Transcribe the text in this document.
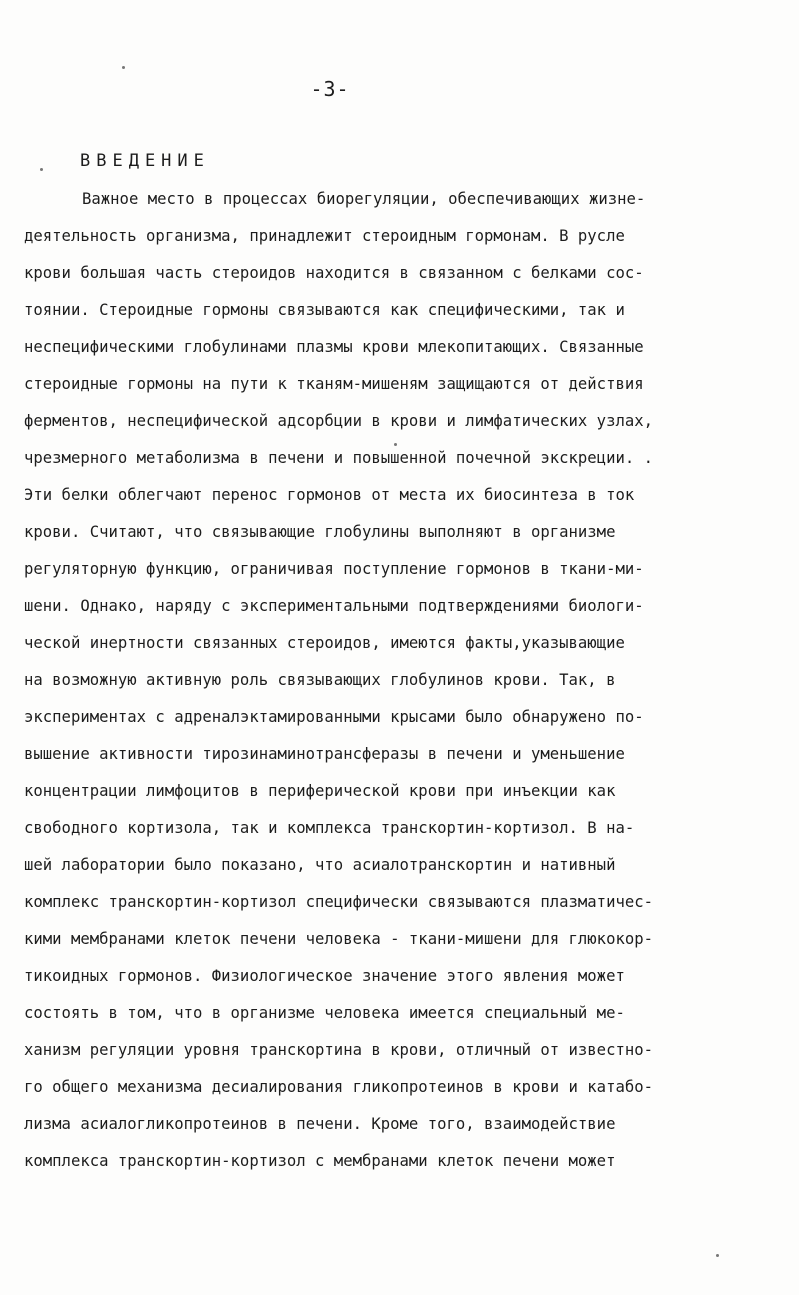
-3-
ВВЕДЕНИЕ
Важное место в процессах биорегуляции, обеспечивающих жизне-
деятельность организма, принадлежит стероидным гормонам. В русле
крови большая часть стероидов находится в связанном с белками сос-
тоянии. Стероидные гормоны связываются как специфическими, так и
неспецифическими глобулинами плазмы крови млекопитающих. Связанные
стероидные гормоны на пути к тканям-мишеням защищаются от действия
ферментов, неспецифической адсорбции в крови и лимфатических узлах,
чрезмерного метаболизма в печени и повышенной почечной экскреции. .
Эти белки облегчают перенос гормонов от места их биосинтеза в ток
крови. Считают, что связывающие глобулины выполняют в организме
регуляторную функцию, ограничивая поступление гормонов в ткани-ми-
шени. Однако, наряду с экспериментальными подтверждениями биологи-
ческой инертности связанных стероидов, имеются факты,указывающие
на возможную активную роль связывающих глобулинов крови. Так, в
экспериментах с адреналэктамированными крысами было обнаружено по-
вышение активности тирозинаминотрансферазы в печени и уменьшение
концентрации лимфоцитов в периферической крови при инъекции как
свободного кортизола, так и комплекса транскортин-кортизол. В на-
шей лаборатории было показано, что асиалотранскортин и нативный
комплекс транскортин-кортизол специфически связываются плазматичес-
кими мембранами клеток печени человека - ткани-мишени для глюкокор-
тикоидных гормонов. Физиологическое значение этого явления может
состоять в том, что в организме человека имеется специальный ме-
ханизм регуляции уровня транскортина в крови, отличный от известно-
го общего механизма десиалирования гликопротеинов в крови и катабо-
лизма асиалогликопротеинов в печени. Кроме того, взаимодействие
комплекса транскортин-кортизол с мембранами клеток печени может
